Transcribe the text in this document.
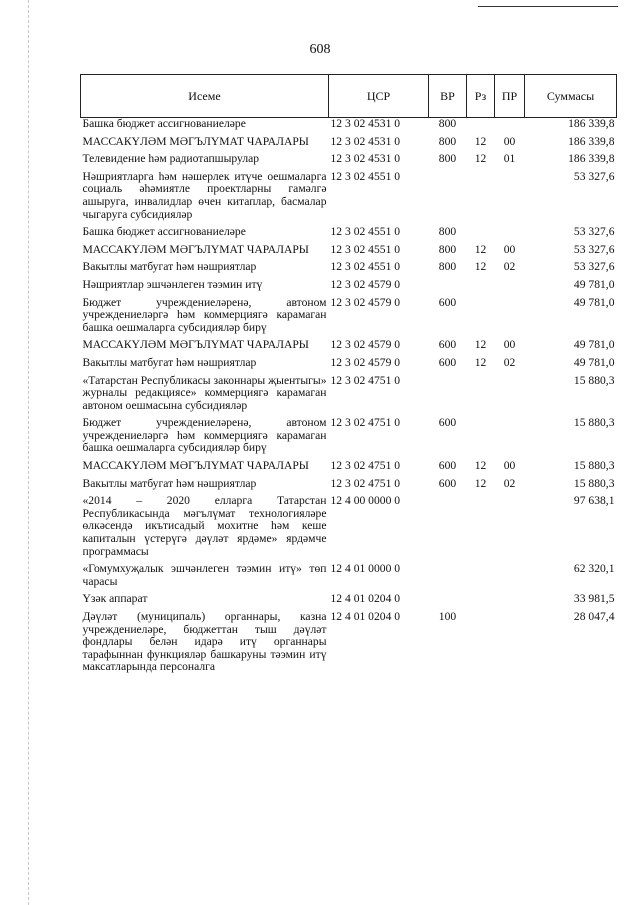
608
Исеме	ЦСР	ВР	Рз	ПР	Суммасы
Башка бюджет ассигнованиеләре	12 3 02 4531 0	800			186 339,8
МАССАКҮЛӘМ МӘГЪЛҮМАТ ЧАРАЛАРЫ	12 3 02 4531 0	800	12	00	186 339,8
Телевидение һәм радиотапшырулар	12 3 02 4531 0	800	12	01	186 339,8
Нәшриятларга һәм нәшерлек итүче оешмаларга социаль әһәмиятле проектларны гамәлгә ашыруга, инвалидлар өчен китаплар, басмалар чыгаруга субсидияләр	12 3 02 4551 0				53 327,6
Башка бюджет ассигнованиеләре	12 3 02 4551 0	800			53 327,6
МАССАКҮЛӘМ МӘГЪЛҮМАТ ЧАРАЛАРЫ	12 3 02 4551 0	800	12	00	53 327,6
Вакытлы матбугат һәм нәшриятлар	12 3 02 4551 0	800	12	02	53 327,6
Нәшриятлар эшчәнлеген тәэмин итү	12 3 02 4579 0				49 781,0
Бюджет учреждениеләренә, автоном учреждениеләргә һәм коммерциягә карамаган башка оешмаларга субсидияләр бирү	12 3 02 4579 0	600			49 781,0
МАССАКҮЛӘМ МӘГЪЛҮМАТ ЧАРАЛАРЫ	12 3 02 4579 0	600	12	00	49 781,0
Вакытлы матбугат һәм нәшриятлар	12 3 02 4579 0	600	12	02	49 781,0
«Татарстан Республикасы законнары җыентыгы» журналы редакциясе» коммерциягә карамаган автоном оешмасына субсидияләр	12 3 02 4751 0				15 880,3
Бюджет учреждениеләренә, автоном учреждениеләргә һәм коммерциягә карамаган башка оешмаларга субсидияләр бирү	12 3 02 4751 0	600			15 880,3
МАССАКҮЛӘМ МӘГЪЛҮМАТ ЧАРАЛАРЫ	12 3 02 4751 0	600	12	00	15 880,3
Вакытлы матбугат һәм нәшриятлар	12 3 02 4751 0	600	12	02	15 880,3
«2014 – 2020 елларга Татарстан Республикасында мәгълүмат технологияләре өлкәсендә икътисадый мохитне һәм кеше капиталын үстерүгә дәүләт ярдәме» ярдәмче программасы	12 4 00 0000 0				97 638,1
«Гомумхуҗалык эшчәнлеген тәэмин итү» төп чарасы	12 4 01 0000 0				62 320,1
Үзәк аппарат	12 4 01 0204 0				33 981,5
Дәүләт (муниципаль) органнары, казна учреждениеләре, бюджеттан тыш дәүләт фондлары белән идарә итү органнары тарафыннан функцияләр башкаруны тәэмин итү максатларында персоналга	12 4 01 0204 0	100			28 047,4
